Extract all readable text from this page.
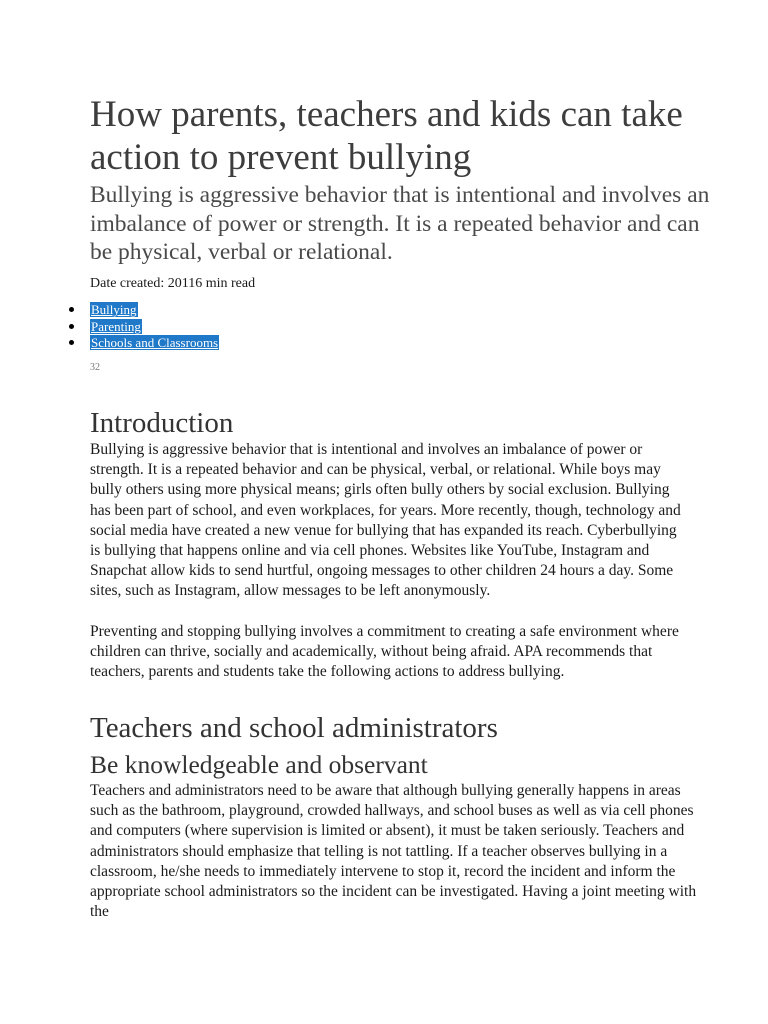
How parents, teachers and kids can take action to prevent bullying

Bullying is aggressive behavior that is intentional and involves an imbalance of power or strength. It is a repeated behavior and can be physical, verbal or relational.

Date created: 20116 min read
Bullying
Parenting
Schools and Classrooms
32
Introduction

Bullying is aggressive behavior that is intentional and involves an imbalance of power or strength. It is a repeated behavior and can be physical, verbal, or relational. While boys may bully others using more physical means; girls often bully others by social exclusion. Bullying has been part of school, and even workplaces, for years. More recently, though, technology and social media have created a new venue for bullying that has expanded its reach. Cyberbullying is bullying that happens online and via cell phones. Websites like YouTube, Instagram and Snapchat allow kids to send hurtful, ongoing messages to other children 24 hours a day. Some sites, such as Instagram, allow messages to be left anonymously.

Preventing and stopping bullying involves a commitment to creating a safe environment where children can thrive, socially and academically, without being afraid. APA recommends that teachers, parents and students take the following actions to address bullying.

Teachers and school administrators
Be knowledgeable and observant

Teachers and administrators need to be aware that although bullying generally happens in areas such as the bathroom, playground, crowded hallways, and school buses as well as via cell phones and computers (where supervision is limited or absent), it must be taken seriously. Teachers and administrators should emphasize that telling is not tattling. If a teacher observes bullying in a classroom, he/she needs to immediately intervene to stop it, record the incident and inform the appropriate school administrators so the incident can be investigated. Having a joint meeting with the
